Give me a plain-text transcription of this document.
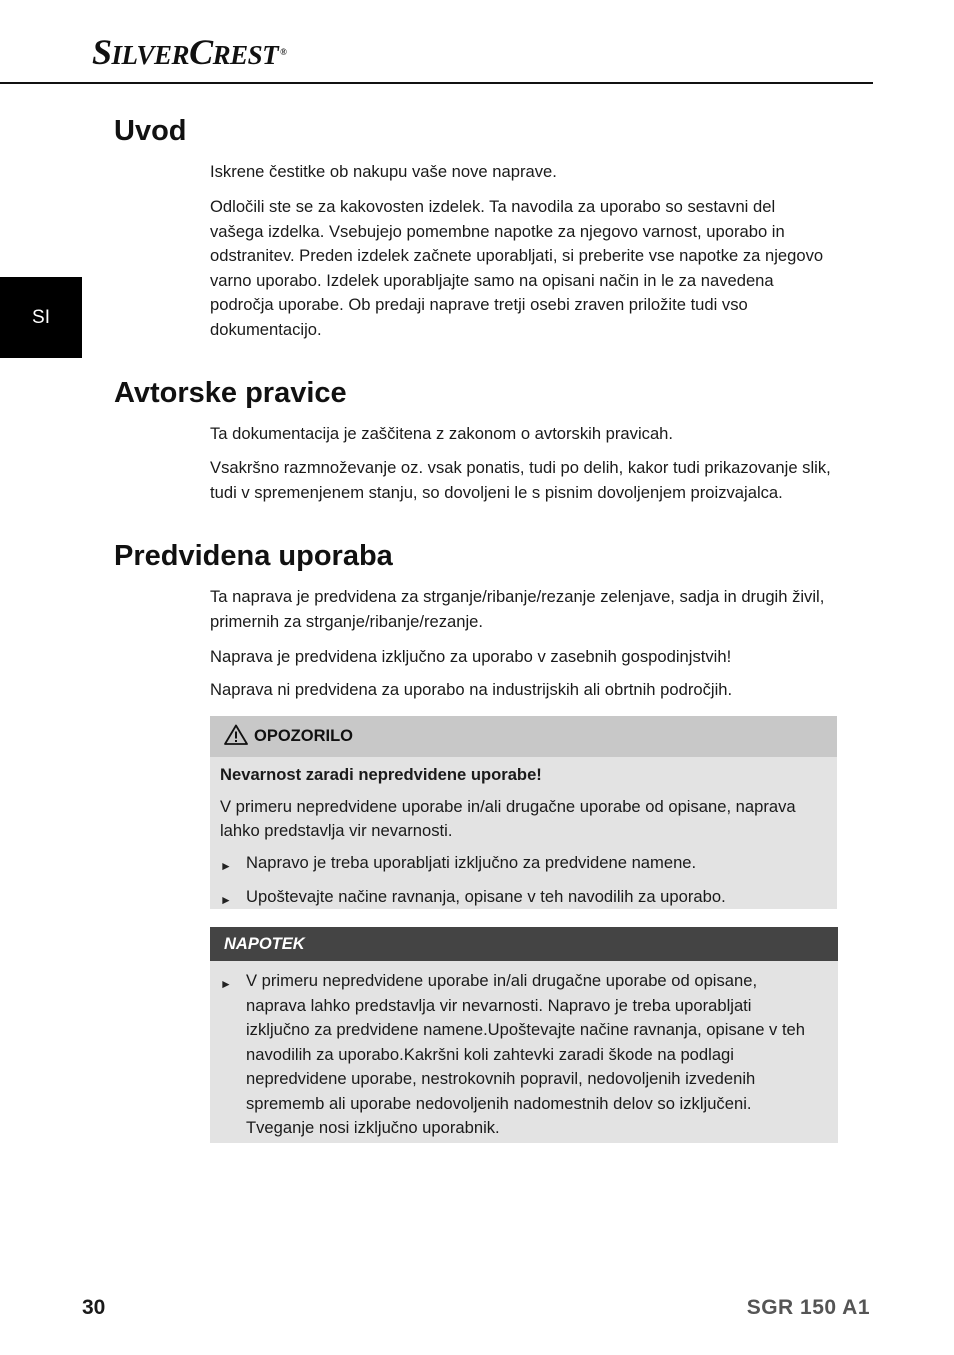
SILVERCREST ®
SI
Uvod

Iskrene čestitke ob nakupu vaše nove naprave.

Odločili ste se za kakovosten izdelek. Ta navodila za uporabo so sestavni del vašega izdelka. Vsebujejo pomembne napotke za njegovo varnost, uporabo in odstranitev. Preden izdelek začnete uporabljati, si preberite vse napotke za njegovo varno uporabo. Izdelek uporabljajte samo na opisani način in le za navedena področja uporabe. Ob predaji naprave tretji osebi zraven priložite tudi vso dokumentacijo.

Avtorske pravice

Ta dokumentacija je zaščitena z zakonom o avtorskih pravicah.

Vsakršno razmnoževanje oz. vsak ponatis, tudi po delih, kakor tudi prikazovanje slik, tudi v spremenjenem stanju, so dovoljeni le s pisnim dovoljenjem proizvajalca.

Predvidena uporaba

Ta naprava je predvidena za strganje/ribanje/rezanje zelenjave, sadja in drugih živil, primernih za strganje/ribanje/rezanje.

Naprava je predvidena izključno za uporabo v zasebnih gospodinjstvih!

Naprava ni predvidena za uporabo na industrijskih ali obrtnih področjih.

OPOZORILO
Nevarnost zaradi nepredvidene uporabe!
V primeru nepredvidene uporabe in/ali drugačne uporabe od opisane, naprava lahko predstavlja vir nevarnosti.
► Napravo je treba uporabljati izključno za predvidene namene.
► Upoštevajte načine ravnanja, opisane v teh navodilih za uporabo.
NAPOTEK
► V primeru nepredvidene uporabe in/ali drugačne uporabe od opisane, naprava lahko predstavlja vir nevarnosti. Napravo je treba uporabljati izključno za predvidene namene.Upoštevajte načine ravnanja, opisane v teh navodilih za uporabo.Kakršni koli zahtevki zaradi škode na podlagi nepredvidene uporabe, nestrokovnih popravil, nedovoljenih izvedenih sprememb ali uporabe nedovoljenih nadomestnih delov so izključeni. Tveganje nosi izključno uporabnik.
30	SGR 150 A1
